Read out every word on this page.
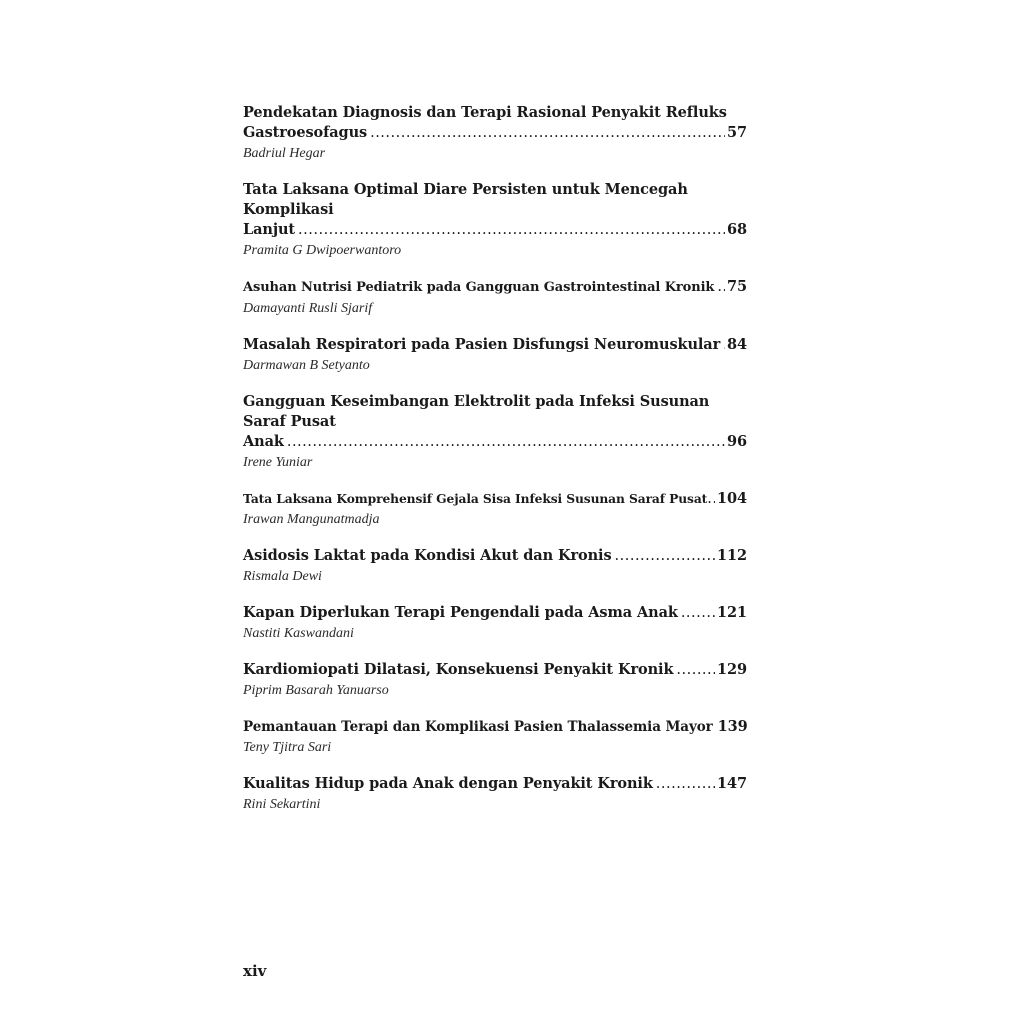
Pendekatan Diagnosis dan Terapi Rasional Penyakit Refluks
Gastroesofagus .....	57
Badriul Hegar
Tata Laksana Optimal Diare Persisten untuk Mencegah Komplikasi
Lanjut .....	68
Pramita G Dwipoerwantoro
Asuhan Nutrisi Pediatrik pada Gangguan Gastrointestinal Kronik ..... 75
Damayanti Rusli Sjarif
Masalah Respiratori pada Pasien Disfungsi Neuromuskular ..... 84
Darmawan B Setyanto
Gangguan Keseimbangan Elektrolit pada Infeksi Susunan Saraf Pusat
Anak .....	96
Irene Yuniar
Tata Laksana Komprehensif Gejala Sisa Infeksi Susunan Saraf Pusat ..... 104
Irawan Mangunatmadja
Asidosis Laktat pada Kondisi Akut dan Kronis .....	112
Rismala Dewi
Kapan Diperlukan Terapi Pengendali pada Asma Anak .....	121
Nastiti Kaswandani
Kardiomiopati Dilatasi, Konsekuensi Penyakit Kronik .....	129
Piprim Basarah Yanuarso
Pemantauan Terapi dan Komplikasi Pasien Thalassemia Mayor 139
Teny Tjitra Sari
Kualitas Hidup pada Anak dengan Penyakit Kronik .....	147
Rini Sekartini
xiv
